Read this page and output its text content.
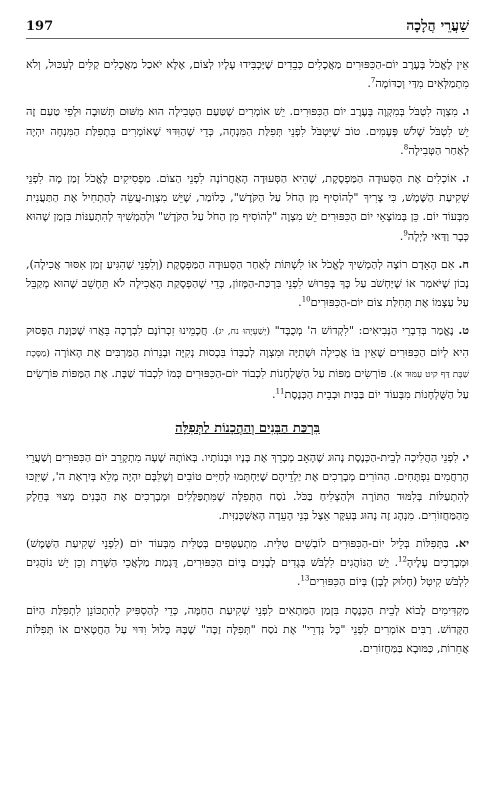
שַׁעֲרֵי הֲלָכָה
197

אֵין לֶאֱכֹל בְּעֶרֶב יוֹם-הַכִּפּוּרִים מַאֲכָלִים כְּבֵדִים שֶׁיַּכְבִּידוּ עָלָיו לְצוֹם, אֶלָּא יֹאכַל מַאֲכָלִים קַלִּים לְעִכּוּל, וְלֹא מִתְמַלְּאִים מִדַּי וְכַדּוֹמֶה$^7$.

ו. מִצְוָה לִטְבֹּל בְּמִקְוֶה בְּעֶרֶב יוֹם הַכִּפּוּרִים. יֵשׁ אוֹמְרִים שֶׁטַּעַם הַטְּבִילָה הוּא מִשּׁוּם תְּשׁוּבָה וּלְפִי טַעַם זֶה יֵשׁ לִטְבֹּל שָׁלֹשׁ פְּעָמִים. טוֹב שֶׁיִּטְבֹּל לִפְנֵי תְּפִלַּת הַמִּנְחָה, כְּדֵי שֶׁהַוִּדּוּי שֶׁאוֹמְרִים בִּתְפִלַּת הַמִּנְחָה יִהְיֶה לְאַחַר הַטְּבִילָה$^8$.

ז. אוֹכְלִים אֶת הַסְּעוּדָה הַמַּפְסֶקֶת, שֶׁהִיא הַסְּעוּדָה הָאַחֲרוֹנָה לִפְנֵי הַצּוֹם. מַפְסִיקִים לֶאֱכֹל זְמַן מָה לִפְנֵי שְׁקִיעַת הַשֶּׁמֶשׁ, כִּי צָרִיךְ "לְהוֹסִיף מִן הַחֹל עַל הַקֹּדֶשׁ", כְּלוֹמַר, שֶׁיֵּשׁ מִצְוַת-עֲשֵׂה לְהַתְחִיל אֶת הַתַּעֲנִית מִבְּעוֹד יוֹם. כֵּן בְּמוֹצָאֵי יוֹם הַכִּפּוּרִים יֵשׁ מִצְוָה "לְהוֹסִיף מִן הַחֹל עַל הַקֹּדֶשׁ" וּלְהַמְשִׁיךְ לְהִתְעַנּוֹת בִּזְמַן שֶׁהוּא כְּבָר וַדַּאי לַיְלָה$^9$.

ח. אִם הָאָדָם רוֹצֶה לְהַמְשִׁיךְ לֶאֱכֹל אוֹ לִשְׁתּוֹת לְאַחַר הַסְּעוּדָה הַמַּפְסֶקֶת (וְלִפְנֵי שֶׁהִגִּיעַ זְמַן אִסּוּר אֲכִילָה), נָכוֹן שֶׁיֹּאמַר אוֹ שֶׁיַּחְשֹׁב עַל כָּךְ בְּפֵרוּשׁ לִפְנֵי בִּרְכַּת-הַמָּזוֹן, כְּדֵי שֶׁהַפְסָקַת הָאֲכִילָה לֹא תֵּחָשֵׁב שֶׁהוּא מְקַבֵּל עַל עַצְמוֹ אֶת תְּחִלַּת צוֹם יוֹם-הַכִּפּוּרִים$^{10}$.

ט. נֶאֱמַר בְּדִבְרֵי הַנְּבִיאִים: "לִקְדוֹשׁ ה' מְכֻבָּד" (יְשַׁעְיָהוּ נח, יג). חֲכָמֵינוּ זִכְרוֹנָם לִבְרָכָה בֵּאֲרוּ שֶׁכַּוָּנַת הַפָּסוּק הִיא לְיוֹם הַכִּפּוּרִים שֶׁאֵין בּוֹ אֲכִילָה וּשְׁתִיָּה וּמִצְוָה לְכַבְּדוֹ בִּכְסוּת נְקִיָּה וּבְנֵרוֹת הַמַּרְבִּים אֶת הָאוֹרָה (מַסֶּכֶת שַׁבָּת דַּף קיט עַמּוּד א). פּוֹרְשִׂים מַפּוֹת עַל הַשֻּׁלְחָנוֹת לִכְבוֹד יוֹם-הַכִּפּוּרִים כְּמוֹ לִכְבוֹד שַׁבָּת. אֶת הַמַּפּוֹת פּוֹרְשִׂים עַל הַשֻּׁלְחָנוֹת מִבְּעוֹד יוֹם בַּבַּיִת וּבְבֵית הַכְּנֶסֶת$^{11}$.

בִּרְכַּת הַבָּנִים וְהַהֲכָנוֹת לַתְּפִלָּה

י. לִפְנֵי הַהֲלִיכָה לְבֵית-הַכְּנֶסֶת נָהוּג שֶׁהָאָב מְבָרֵךְ אֶת בָּנָיו וּבְנוֹתָיו. בְּאוֹתָהּ שָׁעָה מִתְקָרֵב יוֹם הַכִּפּוּרִים וְשַׁעֲרֵי הָרַחֲמִים נִפְתָּחִים. הַהוֹרִים מְבָרְכִים אֶת יַלְדֵיהֶם שֶׁיַּחְתְּמוּ לְחַיִּים טוֹבִים וְשֶׁלִּבָּם יִהְיֶה מָלֵא בְּיִרְאַת ה', שֶׁיִּזְכּוּ לְהִתְעַלּוֹת בְּלִמּוּד הַתּוֹרָה וּלְהַצְלִיחַ בַּכֹּל. נֹסַח הַתְּפִלָּה שֶׁמִּתְפַּלְּלִים וּמְבָרְכִים אֶת הַבָּנִים מָצוּי בְּחֵלֶק מֵהַמַּחֲזוֹרִים. מִנְהָג זֶה נָהוּג בְּעִקָּר אֵצֶל בְּנֵי הָעֵדָה הָאַשְׁכְּנַזִּית.

יא. בַּתְּפִלּוֹת בְּלֵיל יוֹם-הַכִּפּוּרִים לוֹבְשִׁים טַלִּית. מִתְעַטְּפִים בְּטַלִּית מִבְּעוֹד יוֹם (לִפְנֵי שְׁקִיעַת הַשֶּׁמֶשׁ) וּמְבָרְכִים עָלֶיהָ$^{12}$. יֵשׁ הַנּוֹהֲגִים לִלְבֹּשׁ בְּגָדִים לְבָנִים בְּיוֹם הַכִּפּוּרִים, דֻּגְמַת מַלְאֲכֵי הַשָּׁרֵת וְכֵן יֵשׁ נוֹהֲגִים לִלְבֹּשׁ קִיטְל (חָלוּק לָבָן) בְּיוֹם הַכִּפּוּרִים$^{13}$.

מַקְדִּימִים לָבוֹא לְבֵית הַכְּנֶסֶת בִּזְמַן הַמַּתְאִים לִפְנֵי שְׁקִיעַת הַחַמָּה, כְּדֵי לְהַסְפִּיק לְהִתְכּוֹנֵן לִתְפִלַּת הַיּוֹם הַקָּדוֹשׁ. רַבִּים אוֹמְרִים לִפְנֵי "כָּל נִדְרֵי" אֶת נֹסַח "תְּפִלָּה זַכָּה" שֶׁבָּהּ כָּלוּל וִדּוּי עַל הַחֲטָאִים אוֹ תְּפִלּוֹת אֲחֵרוֹת, כַּמּוּבָא בַּמַּחֲזוֹרִים.
